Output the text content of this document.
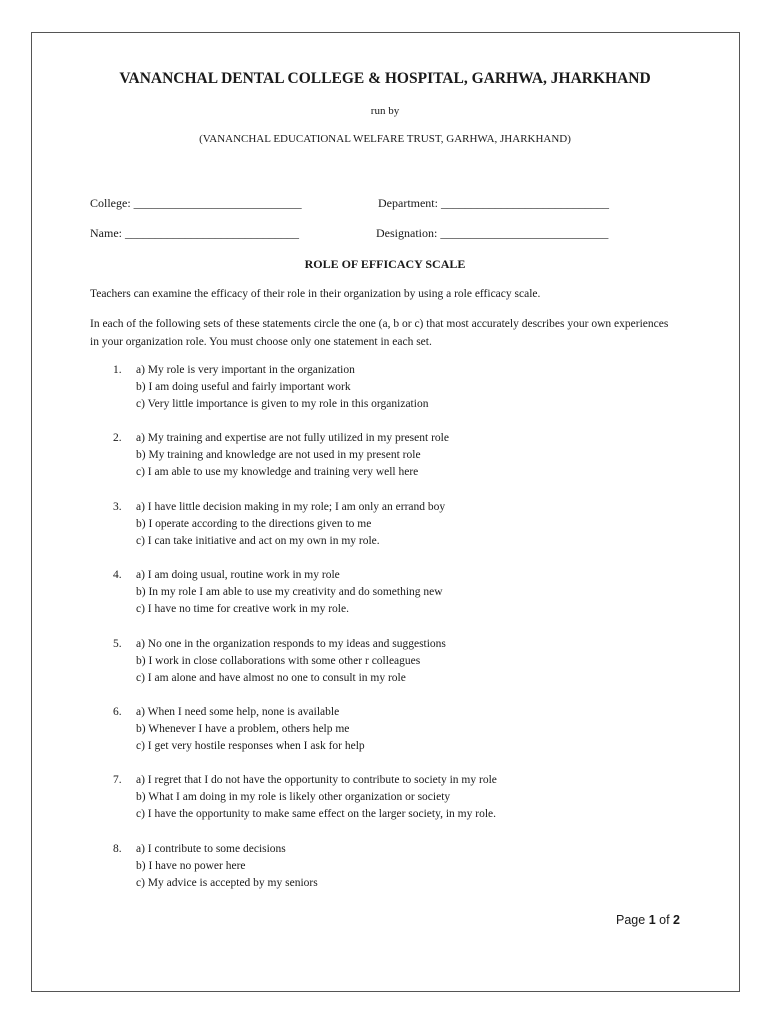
VANANCHAL DENTAL COLLEGE & HOSPITAL, GARHWA, JHARKHAND
run by
(VANANCHAL EDUCATIONAL WELFARE TRUST, GARHWA, JHARKHAND)
College: ____________________________	Department: ____________________________
Name: _____________________________	Designation: ____________________________
ROLE OF EFFICACY SCALE
Teachers can examine the efficacy of their role in their organization by using a role efficacy scale.
In each of the following sets of these statements circle the one (a, b or c) that most accurately describes your own experiences in your organization role. You must choose only one statement in each set.
1. a) My role is very important in the organization
b) I am doing useful and fairly important work
c) Very little importance is given to my role in this organization
2. a) My training and expertise are not fully utilized in my present role
b) My training and knowledge are not used in my present role
c) I am able to use my knowledge and training very well here
3. a) I have little decision making in my role; I am only an errand boy
b) I operate according to the directions given to me
c) I can take initiative and act on my own in my role.
4. a) I am doing usual, routine work in my role
b) In my role I am able to use my creativity and do something new
c) I have no time for creative work in my role.
5. a) No one in the organization responds to my ideas and suggestions
b) I work in close collaborations with some other r colleagues
c) I am alone and have almost no one to consult in my role
6. a) When I need some help, none is available
b) Whenever I have a problem, others help me
c) I get very hostile responses when I ask for help
7. a) I regret that I do not have the opportunity to contribute to society in my role
b) What I am doing in my role is likely other organization or society
c) I have the opportunity to make same effect on the larger society, in my role.
8. a) I contribute to some decisions
b) I have no power here
c) My advice is accepted by my seniors
Page 1 of 2
